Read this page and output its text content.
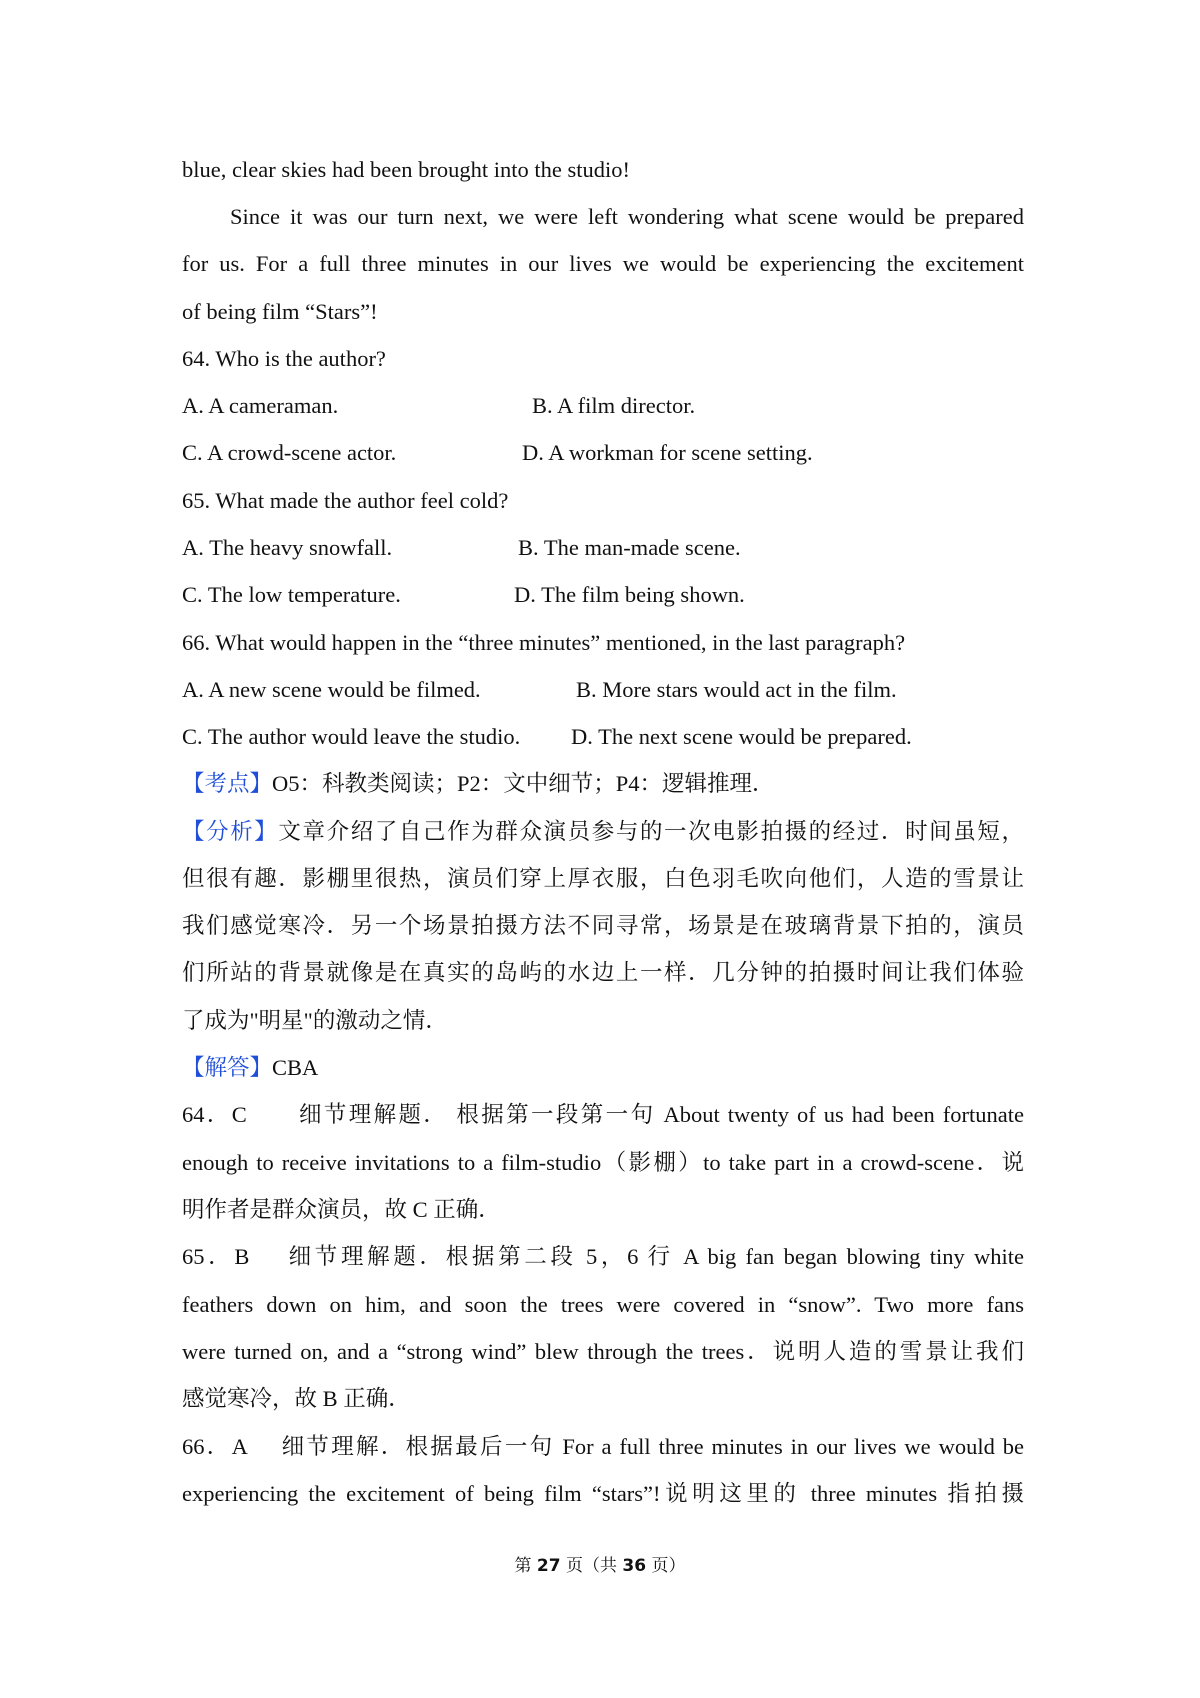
blue, clear skies had been brought into the studio!
Since it was our turn next, we were left wondering what scene would be prepared
for us. For a full three minutes in our lives we would be experiencing the excitement
of being film “Stars”!
64. Who is the author?
A. A cameraman.	B. A film director.
C. A crowd-scene actor.	D. A workman for scene setting.
65. What made the author feel cold?
A. The heavy snowfall.	B. The man-made scene.
C. The low temperature.	D. The film being shown.
66. What would happen in the “three minutes” mentioned, in the last paragraph?
A. A new scene would be filmed.	B. More stars would act in the film.
C. The author would leave the studio. D. The next scene would be prepared.
【考点】O5：科教类阅读；P2：文中细节；P4：逻辑推理．
【分析】文章介绍了自己作为群众演员参与的一次电影拍摄的经过．时间虽短，
但很有趣．影棚里很热，演员们穿上厚衣服，白色羽毛吹向他们，人造的雪景让
我们感觉寒冷．另一个场景拍摄方法不同寻常，场景是在玻璃背景下拍的，演员
们所站的背景就像是在真实的岛屿的水边上一样．几分钟的拍摄时间让我们体验
了成为"明星"的激动之情．
【解答】CBA
64．C　　细节理解题． 根据第一段第一句 About twenty of us had been fortunate
enough to receive invitations to a film-studio（影棚）to take part in a crowd-scene．说
明作者是群众演员，故 C 正确．
65．B　 细节理解题．根据第二段 5，6 行 A big fan began blowing tiny white
feathers down on him, and soon the trees were covered in “snow”. Two more fans
were turned on, and a “strong wind” blew through the trees．说明人造的雪景让我们
感觉寒冷，故 B 正确．
66．A　 细节理解．根据最后一句 For a full three minutes in our lives we would be
experiencing the excitement of being film “stars”!说明这里的 three minutes 指拍摄
第 27 页（共 36 页）
